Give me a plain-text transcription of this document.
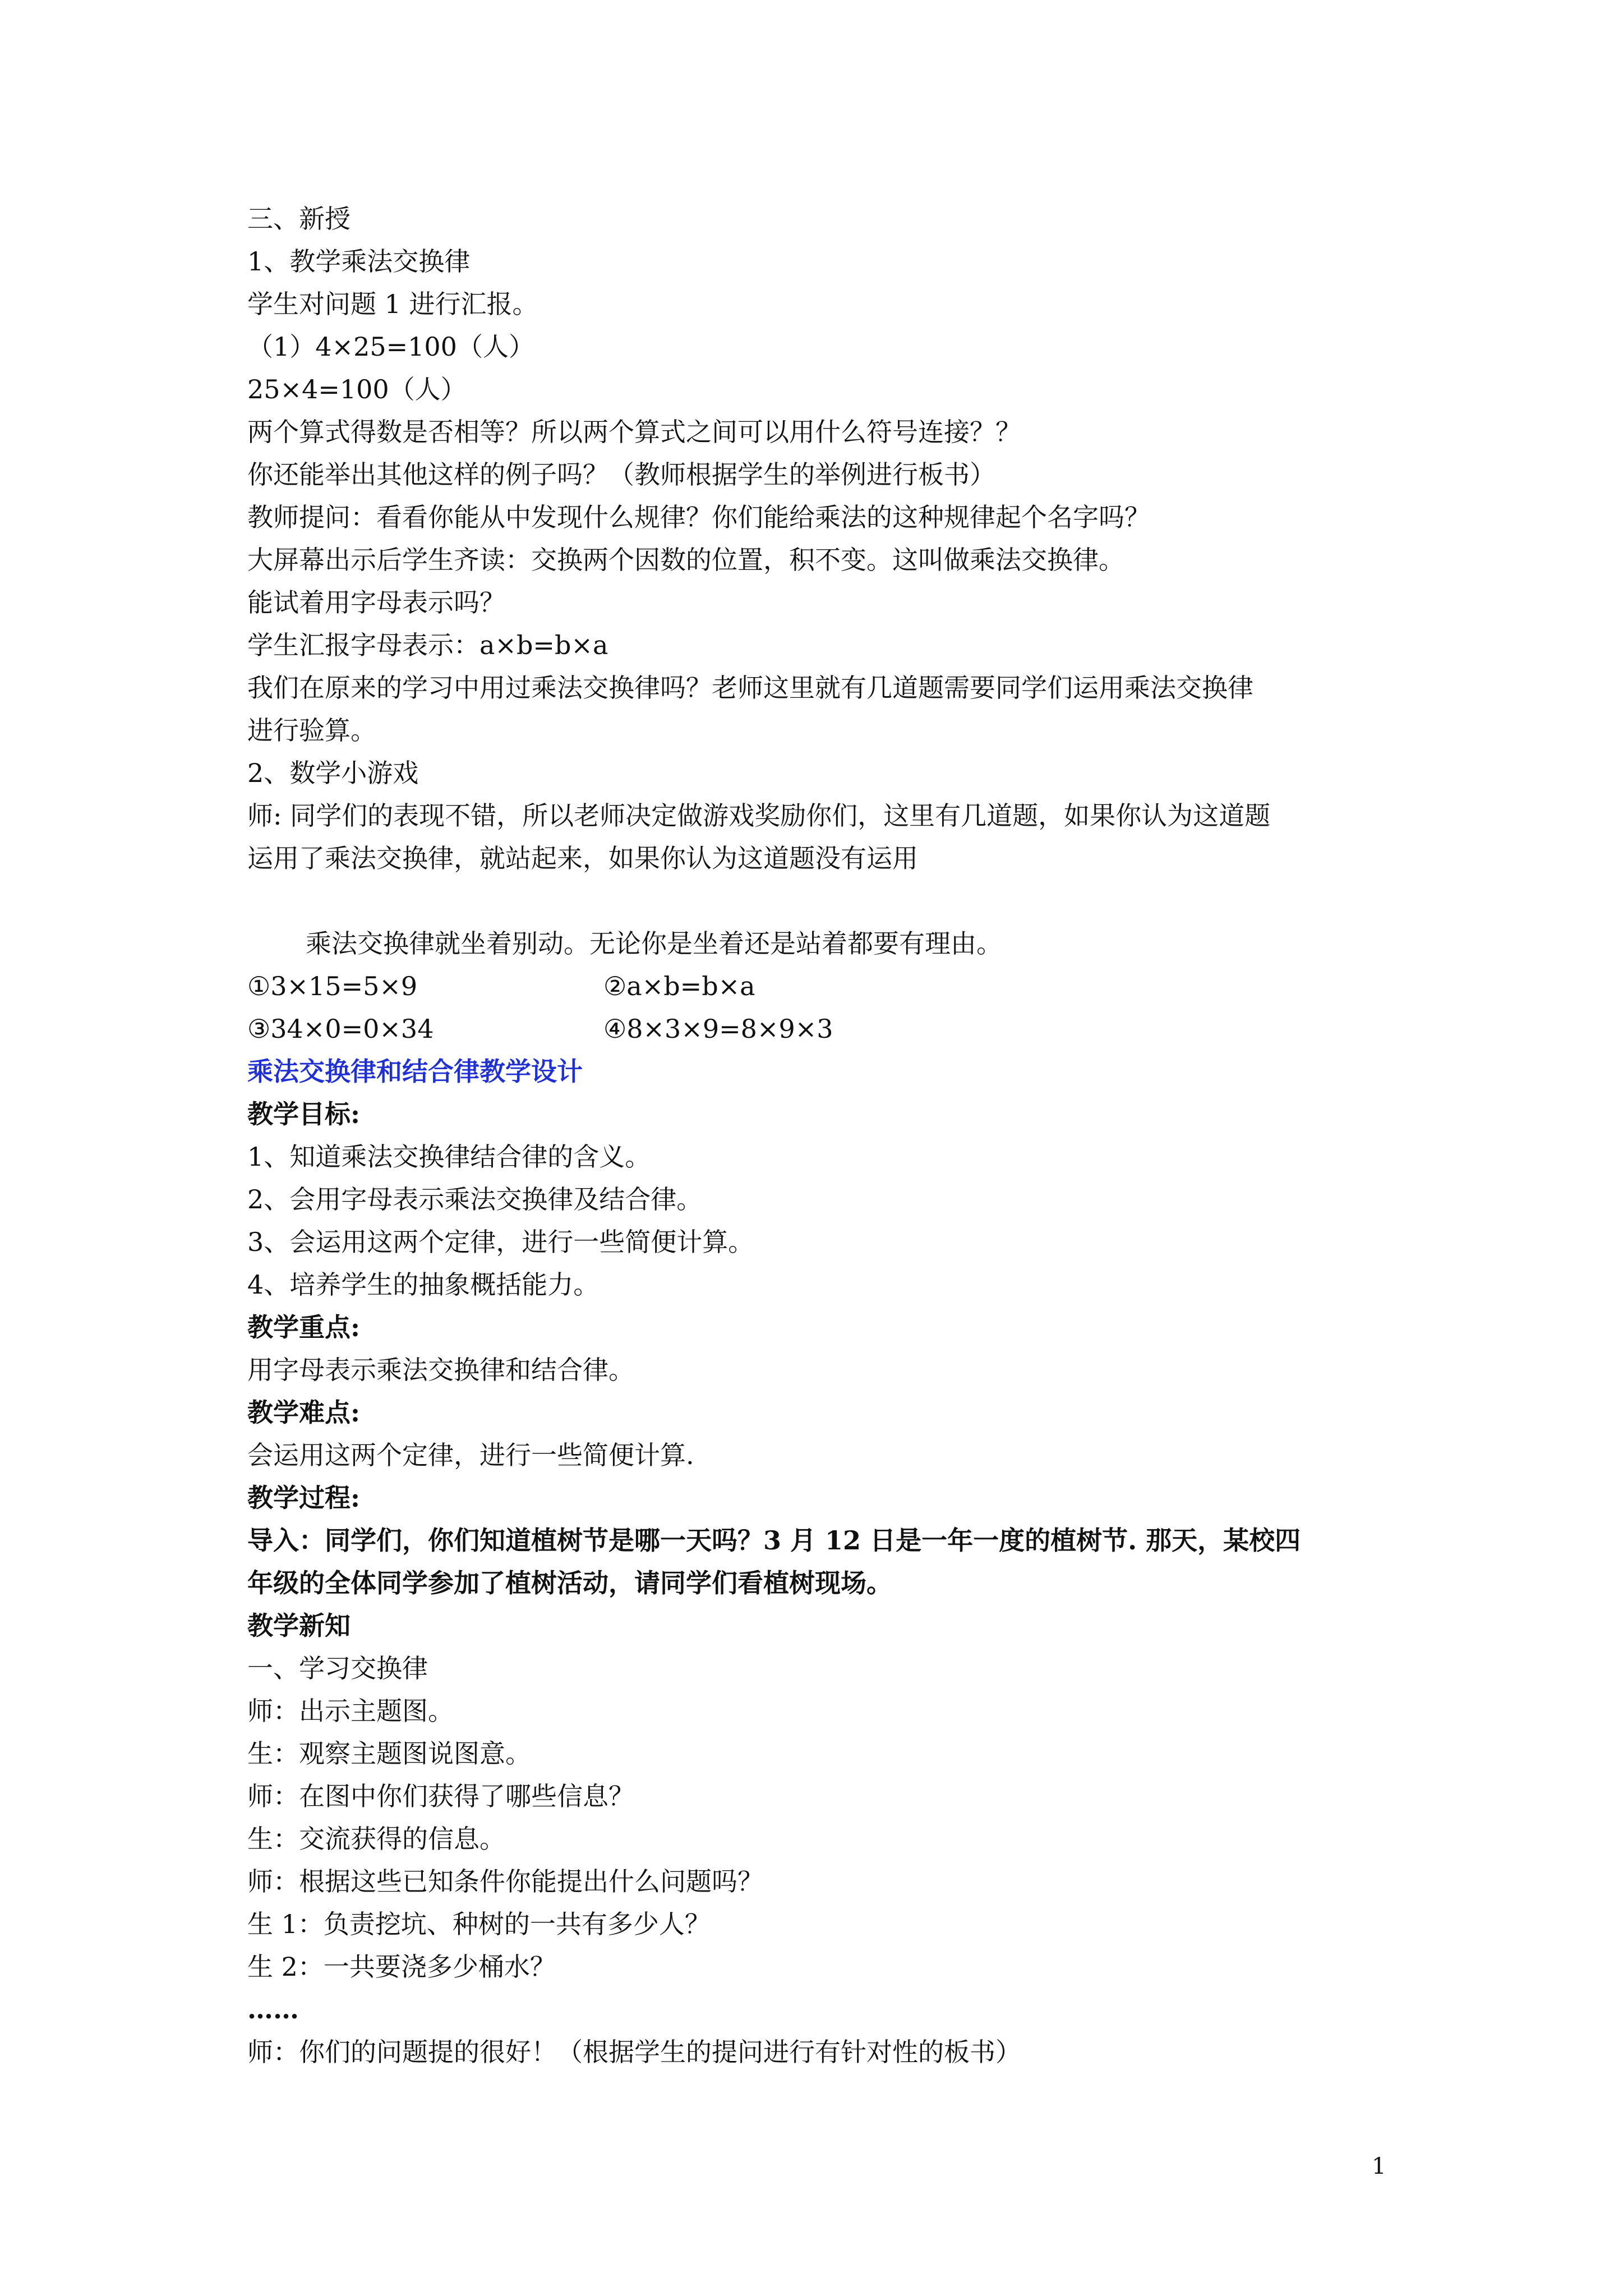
三、新授
1、教学乘法交换律
学生对问题 1 进行汇报。
（1）4×25=100（人）
25×4=100（人）
两个算式得数是否相等？所以两个算式之间可以用什么符号连接？？
你还能举出其他这样的例子吗？（教师根据学生的举例进行板书）
教师提问：看看你能从中发现什么规律？你们能给乘法的这种规律起个名字吗？
大屏幕出示后学生齐读：交换两个因数的位置，积不变。这叫做乘法交换律。
能试着用字母表示吗？
学生汇报字母表示：a×b=b×a
我们在原来的学习中用过乘法交换律吗？老师这里就有几道题需要同学们运用乘法交换律
进行验算。
2、数学小游戏
师: 同学们的表现不错，所以老师决定做游戏奖励你们，这里有几道题，如果你认为这道题
运用了乘法交换律，就站起来，如果你认为这道题没有运用
乘法交换律就坐着别动。无论你是坐着还是站着都要有理由。
①3×15=5×9	②a×b=b×a
③34×0=0×34	④8×3×9=8×9×3
乘法交换律和结合律教学设计
教学目标:
1、知道乘法交换律结合律的含义。
2、会用字母表示乘法交换律及结合律。
3、会运用这两个定律，进行一些简便计算。
4、培养学生的抽象概括能力。
教学重点:
用字母表示乘法交换律和结合律。
教学难点:
会运用这两个定律，进行一些简便计算.
教学过程:
导入：同学们，你们知道植树节是哪一天吗？3 月 12 日是一年一度的植树节. 那天，某校四
年级的全体同学参加了植树活动，请同学们看植树现场。
教学新知
一、学习交换律
师：出示主题图。
生：观察主题图说图意。
师：在图中你们获得了哪些信息？
生：交流获得的信息。
师：根据这些已知条件你能提出什么问题吗？
生 1：负责挖坑、种树的一共有多少人？
生 2：一共要浇多少桶水？
……
师：你们的问题提的很好！（根据学生的提问进行有针对性的板书）
1
